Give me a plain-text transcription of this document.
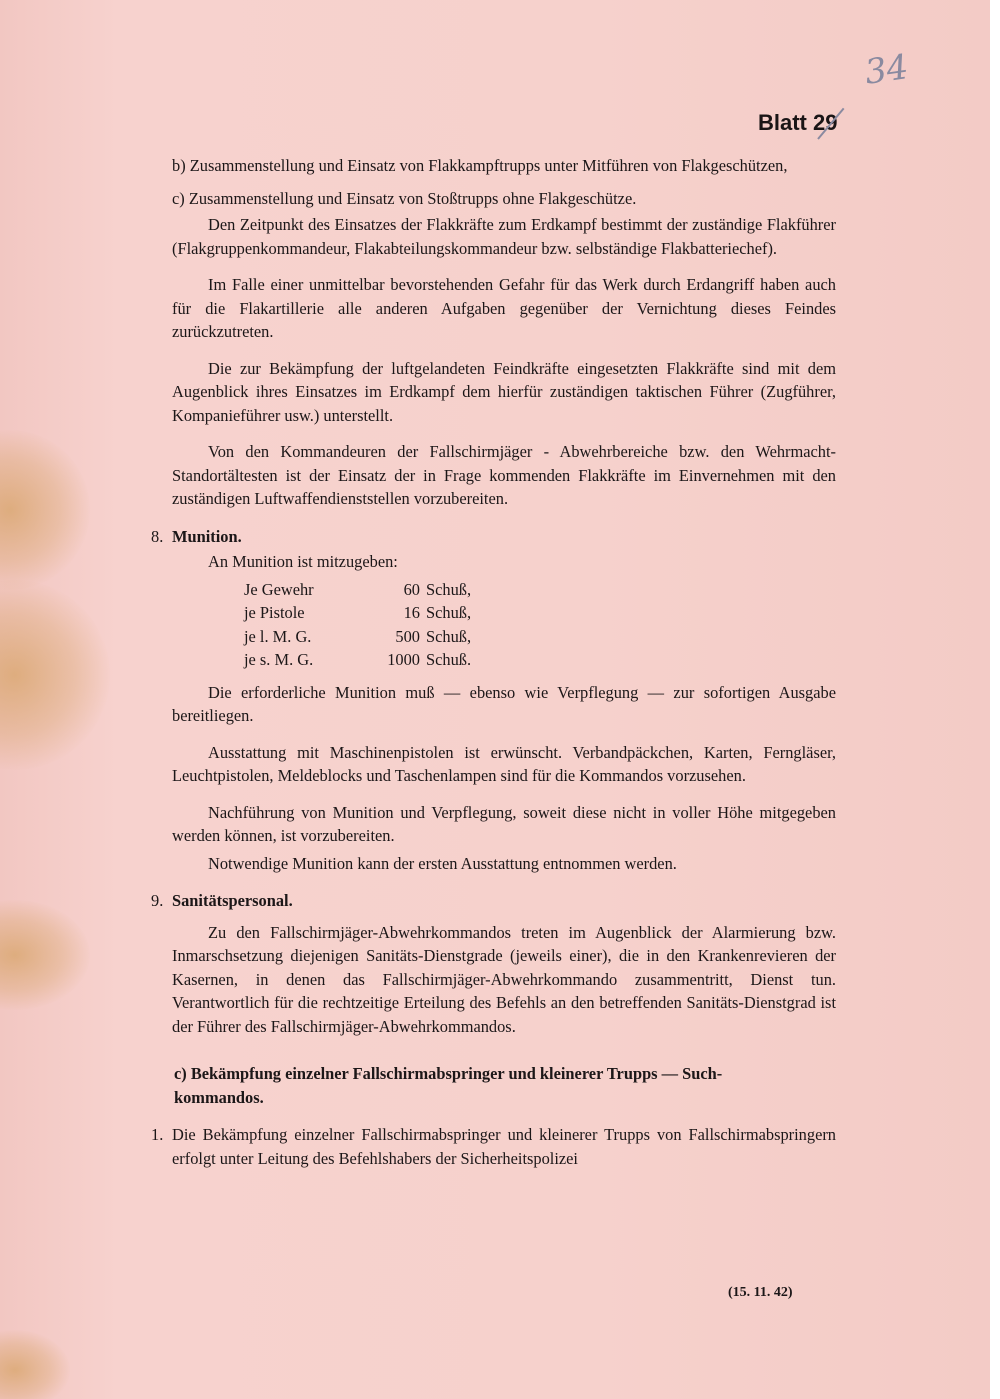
34
Blatt 29

b) Zusammenstellung und Einsatz von Flakkampftrupps unter Mitführen von Flakgeschützen,

c) Zusammenstellung und Einsatz von Stoßtrupps ohne Flakgeschütze.

Den Zeitpunkt des Einsatzes der Flakkräfte zum Erdkampf bestimmt der zuständige Flakführer (Flakgruppenkommandeur, Flakabteilungskommandeur bzw. selbständige Flakbatteriechef).

Im Falle einer unmittelbar bevorstehenden Gefahr für das Werk durch Erdangriff haben auch für die Flakartillerie alle anderen Aufgaben gegenüber der Vernichtung dieses Feindes zurückzutreten.

Die zur Bekämpfung der luftgelandeten Feindkräfte eingesetzten Flakkräfte sind mit dem Augenblick ihres Einsatzes im Erdkampf dem hierfür zuständigen taktischen Führer (Zugführer, Kompanieführer usw.) unterstellt.

Von den Kommandeuren der Fallschirmjäger - Abwehrbereiche bzw. den Wehrmacht-Standortältesten ist der Einsatz der in Frage kommenden Flakkräfte im Einvernehmen mit den zuständigen Luftwaffendienststellen vorzubereiten.

8. Munition.

An Munition ist mitzugeben:

Je Gewehr	60 Schuß,
je Pistole	16 Schuß,
je l. M. G.	500 Schuß,
je s. M. G.	1000 Schuß.

Die erforderliche Munition muß — ebenso wie Verpflegung — zur sofortigen Ausgabe bereitliegen.

Ausstattung mit Maschinenpistolen ist erwünscht. Verbandpäckchen, Karten, Ferngläser, Leuchtpistolen, Meldeblocks und Taschenlampen sind für die Kommandos vorzusehen.

Nachführung von Munition und Verpflegung, soweit diese nicht in voller Höhe mitgegeben werden können, ist vorzubereiten.

Notwendige Munition kann der ersten Ausstattung entnommen werden.

9. Sanitätspersonal.

Zu den Fallschirmjäger-Abwehrkommandos treten im Augenblick der Alarmierung bzw. Inmarschsetzung diejenigen Sanitäts-Dienstgrade (jeweils einer), die in den Krankenrevieren der Kasernen, in denen das Fallschirmjäger-Abwehrkommando zusammentritt, Dienst tun. Verantwortlich für die rechtzeitige Erteilung des Befehls an den betreffenden Sanitäts-Dienstgrad ist der Führer des Fallschirmjäger-Abwehrkommandos.

c) Bekämpfung einzelner Fallschirmabspringer und kleinerer Trupps — Such-

kommandos.

1. Die Bekämpfung einzelner Fallschirmabspringer und kleinerer Trupps von Fallschirmabspringern erfolgt unter Leitung des Befehlshabers der Sicherheitspolizei

(15. 11. 42)
